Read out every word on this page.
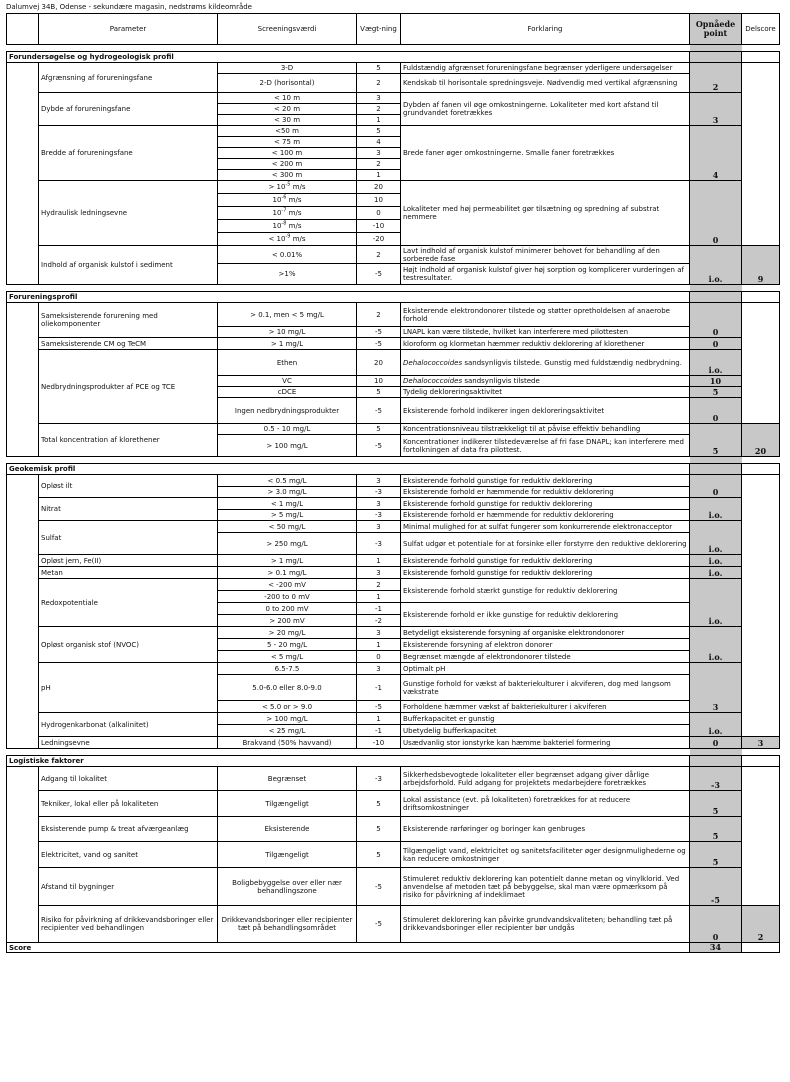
Dalumvej 34B, Odense - sekundære magasin, nedstrøms kildeområde
	Parameter	Screeningsværdi	Vægt-ning	Forklaring	Opnåede point	Delscore

Forundersøgelse og hydrogeologisk profil						
	Afgrænsning af forureningsfane	3-D	5	Fuldstændig afgrænset forureningsfane begrænser yderligere undersøgelser	2	
		2-D (horisontal)	2	Kendskab til horisontale spredningsveje. Nødvendig med vertikal afgrænsning		
	Dybde af forureningsfane	< 10 m	3	Dybden af fanen vil øge omkostningerne. Lokaliteter med kort afstand til grundvandet foretrækkes	3	
		< 20 m	2			
		< 30 m	1			
	Bredde af forureningsfane	<50 m	5	Brede faner øger omkostningerne. Smalle faner foretrækkes	4	
		< 75 m	4			
		< 100 m	3			
		< 200 m	2			
		< 300 m	1			
	Hydraulisk ledningsevne	> $10^{-5}$ m/s	20	Lokaliteter med høj permeabilitet gør tilsætning og spredning af substrat nemmere	0	
		$10^{-6}$ m/s	10			
		$10^{-7}$ m/s	0			
		$10^{-8}$ m/s	-10			
		< $10^{-9}$ m/s	-20			
	Indhold af organisk kulstof i sediment	< 0.01%	2	Lavt indhold af organisk kulstof minimerer behovet for behandling af den sorberede fase	i.o.	9
		>1%	-5	Højt indhold af organisk kulstof giver høj sorption og komplicerer vurderingen af testresultater.		

Forureningsprofil						
	Sameksisterende forurening med oliekomponenter	> 0.1, men < 5 mg/L	2	Eksisterende elektrondonorer tilstede og støtter opretholdelsen af anaerobe forhold	0	
		> 10 mg/L	-5	LNAPL kan være tilstede, hvilket kan interferere med pilottesten		
	Sameksisterende CM og TeCM	> 1 mg/L	-5	kloroform og klormetan hæmmer reduktiv deklorering af klorethener	0	
	Nedbrydningsprodukter af PCE og TCE	Ethen	20	Dehalococcoides sandsynligvis tilstede. Gunstig med fuldstændig nedbrydning.	i.o.	
		VC	10	Dehalococcoides sandsynligvis tilstede	10	
		cDCE	5	Tydelig dekloreringsaktivitet	5	
		Ingen nedbrydningsprodukter	-5	Eksisterende forhold indikerer ingen dekloreringsaktivitet	0	
	Total koncentration af klorethener	0.5 - 10 mg/L	5	Koncentrationsniveau tilstrækkeligt til at påvise effektiv behandling	5	20
		> 100 mg/L	-5	Koncentrationer indikerer tilstedeværelse af fri fase DNAPL; kan interferere med fortolkningen af data fra pilottest.		

Geokemisk profil						
	Opløst ilt	< 0.5 mg/L	3	Eksisterende forhold gunstige for reduktiv deklorering	0	
		> 3.0 mg/L	-3	Eksisterende forhold er hæmmende for reduktiv deklorering		
	Nitrat	< 1 mg/L	3	Eksisterende forhold gunstige for reduktiv deklorering	i.o.	
		> 5 mg/L	-3	Eksisterende forhold er hæmmende for reduktiv deklorering		
	Sulfat	< 50 mg/L	3	Minimal mulighed for at sulfat fungerer som konkurrerende elektronacceptor	i.o.	
		> 250 mg/L	-3	Sulfat udgør et potentiale for at forsinke eller forstyrre den reduktive deklorering		
	Opløst jern, Fe(II)	> 1 mg/L	1	Eksisterende forhold gunstige for reduktiv deklorering	i.o.	
	Metan	> 0.1 mg/L	3	Eksisterende forhold gunstige for reduktiv deklorering	i.o.	
	Redoxpotentiale	< -200 mV	2	Eksisterende forhold stærkt gunstige for reduktiv deklorering	i.o.	
		-200 to 0 mV	1			
		0 to 200 mV	-1	Eksisterende forhold er ikke gunstige for reduktiv deklorering		
		> 200 mV	-2			
	Opløst organisk stof (NVOC)	> 20 mg/L	3	Betydeligt eksisterende forsyning af organiske elektrondonorer	i.o.	
		5 - 20 mg/L	1	Eksisterende forsyning af elektron donorer		
		< 5 mg/L	0	Begrænset mængde af elektrondonorer tilstede		
	pH	6.5-7.5	3	Optimalt pH	3	
		5.0-6.0 eller 8.0-9.0	-1	Gunstige forhold for vækst af bakteriekulturer i akviferen, dog med langsom vækstrate		
		< 5.0 or > 9.0	-5	Forholdene hæmmer vækst af bakteriekulturer i akviferen		
	Hydrogenkarbonat (alkalinitet)	> 100 mg/L	1	Bufferkapacitet er gunstig	i.o.	
		< 25 mg/L	-1	Ubetydelig bufferkapacitet		
	Ledningsevne	Brakvand (50% havvand)	-10	Usædvanlig stor ionstyrke kan hæmme bakteriel formering	0	3

Logistiske faktorer						
	Adgang til lokalitet	Begrænset	-3	Sikkerhedsbevogtede lokaliteter eller begrænset adgang giver dårlige arbejdsforhold. Fuld adgang for projektets medarbejdere foretrækkes	-3	
	Tekniker, lokal eller på lokaliteten	Tilgængeligt	5	Lokal assistance (evt. på lokaliteten) foretrækkes for at reducere driftsomkostninger	5	
	Eksisterende pump & treat afværgeanlæg	Eksisterende	5	Eksisterende rørføringer og boringer kan genbruges	5	
	Elektricitet, vand og sanitet	Tilgængeligt	5	Tilgængeligt vand, elektricitet og sanitetsfaciliteter øger designmulighederne og kan reducere omkostninger	5	
	Afstand til bygninger	Boligbebyggelse over eller nær behandlingszone	-5	Stimuleret reduktiv deklorering kan potentielt danne metan og vinylklorid. Ved anvendelse af metoden tæt på bebyggelse, skal man være opmærksom på risiko for påvirkning af indeklimaet	-5	
	Risiko for påvirkning af drikkevandsboringer eller recipienter ved behandlingen	Drikkevandsboringer eller recipienter tæt på behandlingsområdet	-5	Stimuleret deklorering kan påvirke grundvandskvaliteten; behandling tæt på drikkevandsboringer eller recipienter bør undgås	0	2
Score					34	
